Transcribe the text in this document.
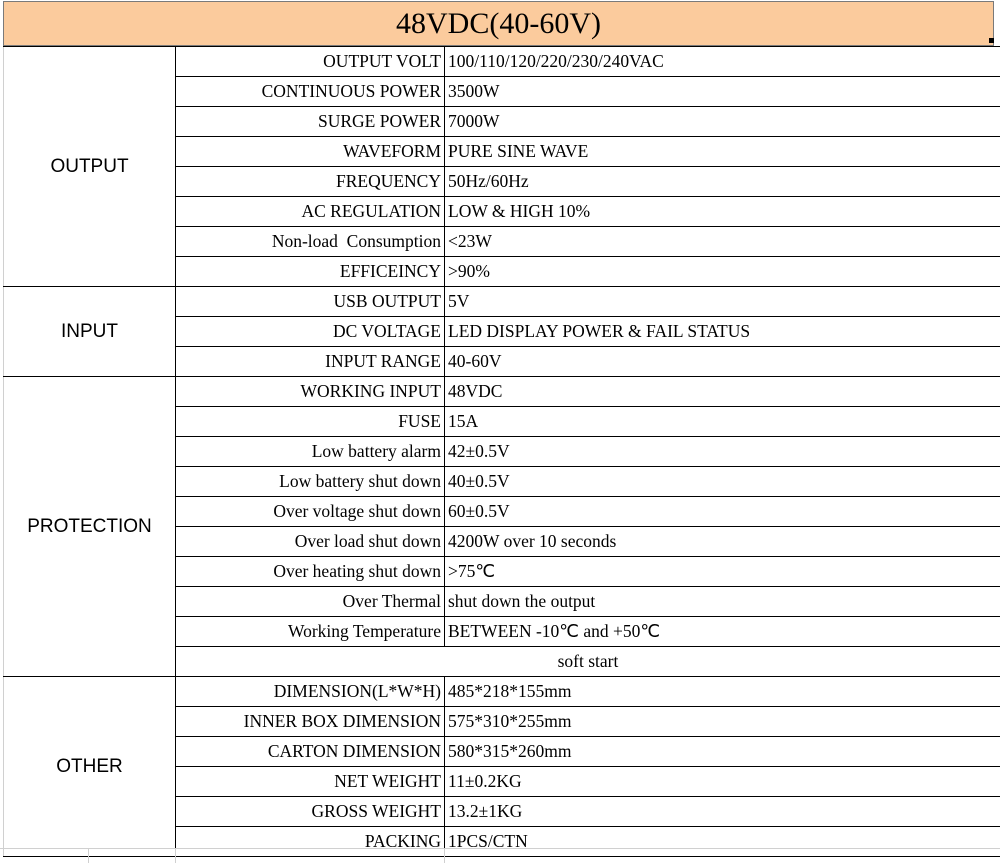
48VDC(40-60V)
OUTPUT	OUTPUT VOLT	100/110/120/220/230/240VAC
	CONTINUOUS POWER	3500W
	SURGE POWER	7000W
	WAVEFORM	PURE SINE WAVE
	FREQUENCY	50Hz/60Hz
	AC REGULATION	LOW & HIGH 10%
	Non-load  Consumption	<23W
	EFFICEINCY	>90%
INPUT	USB OUTPUT	5V
	DC VOLTAGE	LED DISPLAY POWER & FAIL STATUS
	INPUT RANGE	40-60V
PROTECTION	WORKING INPUT	48VDC
	FUSE	15A
	Low battery alarm	42±0.5V
	Low battery shut down	40±0.5V
	Over voltage shut down	60±0.5V
	Over load shut down	4200W over 10 seconds
	Over heating shut down	>75℃
	Over Thermal	shut down the output
	Working Temperature	BETWEEN -10℃ and +50℃
	soft start	
OTHER	DIMENSION(L*W*H)	485*218*155mm
	INNER BOX DIMENSION	575*310*255mm
	CARTON DIMENSION	580*315*260mm
	NET WEIGHT	11±0.2KG
	GROSS WEIGHT	13.2±1KG
	PACKING	1PCS/CTN
